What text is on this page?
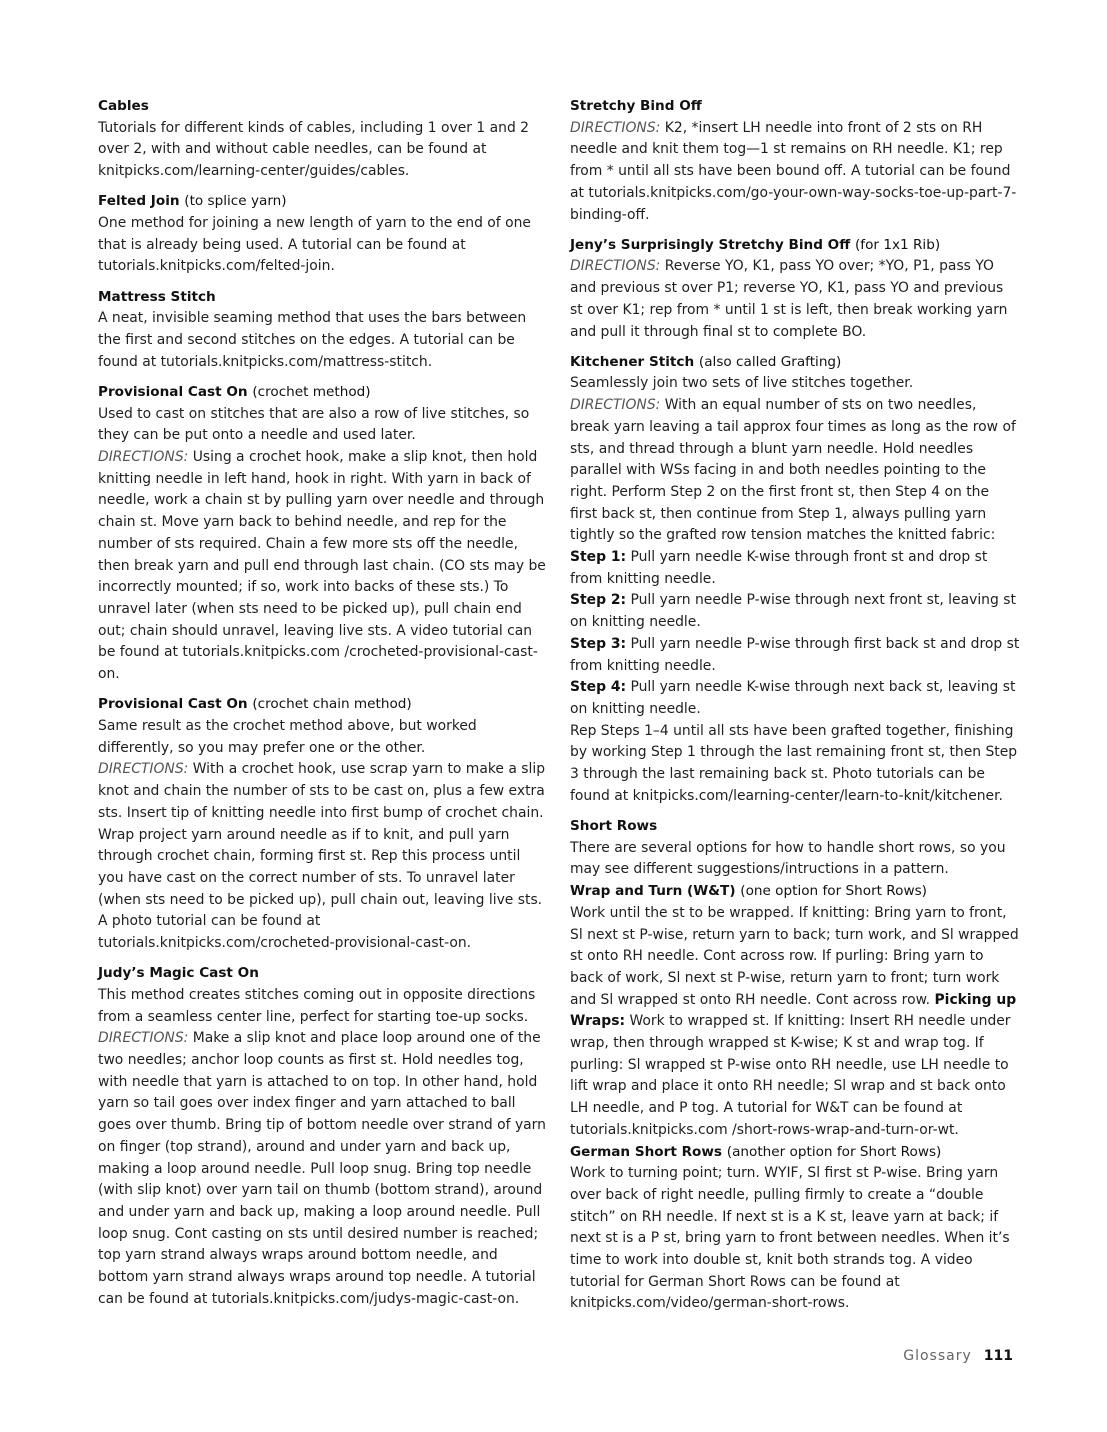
Cables

Tutorials for different kinds of cables, including 1 over 1 and 2 over 2, with and without cable needles, can be found at knitpicks.com/learning-center/guides/cables.

Felted Join (to splice yarn)

One method for joining a new length of yarn to the end of one that is already being used. A tutorial can be found at tutorials.knitpicks.com/felted-join.

Mattress Stitch

A neat, invisible seaming method that uses the bars between the first and second stitches on the edges. A tutorial can be found at tutorials.knitpicks.com/mattress-stitch.

Provisional Cast On (crochet method)

Used to cast on stitches that are also a row of live stitches, so they can be put onto a needle and used later.
DIRECTIONS: Using a crochet hook, make a slip knot, then hold knitting needle in left hand, hook in right. With yarn in back of needle, work a chain st by pulling yarn over needle and through chain st. Move yarn back to behind needle, and rep for the number of sts required. Chain a few more sts off the needle, then break yarn and pull end through last chain. (CO sts may be incorrectly mounted; if so, work into backs of these sts.) To unravel later (when sts need to be picked up), pull chain end out; chain should unravel, leaving live sts. A video tutorial can be found at tutorials.knitpicks.com /crocheted-provisional-cast-on.

Provisional Cast On (crochet chain method)

Same result as the crochet method above, but worked differently, so you may prefer one or the other.
DIRECTIONS: With a crochet hook, use scrap yarn to make a slip knot and chain the number of sts to be cast on, plus a few extra sts. Insert tip of knitting needle into first bump of crochet chain. Wrap project yarn around needle as if to knit, and pull yarn through crochet chain, forming first st. Rep this process until you have cast on the correct number of sts. To unravel later (when sts need to be picked up), pull chain out, leaving live sts. A photo tutorial can be found at tutorials.knitpicks.com/crocheted-provisional-cast-on.

Judy’s Magic Cast On

This method creates stitches coming out in opposite directions from a seamless center line, perfect for starting toe-up socks.
DIRECTIONS: Make a slip knot and place loop around one of the two needles; anchor loop counts as first st. Hold needles tog, with needle that yarn is attached to on top. In other hand, hold yarn so tail goes over index finger and yarn attached to ball goes over thumb. Bring tip of bottom needle over strand of yarn on finger (top strand), around and under yarn and back up, making a loop around needle. Pull loop snug. Bring top needle (with slip knot) over yarn tail on thumb (bottom strand), around and under yarn and back up, making a loop around needle. Pull loop snug. Cont casting on sts until desired number is reached; top yarn strand always wraps around bottom needle, and bottom yarn strand always wraps around top needle. A tutorial can be found at tutorials.knitpicks.com/judys-magic-cast-on.

Stretchy Bind Off

DIRECTIONS: K2, *insert LH needle into front of 2 sts on RH needle and knit them tog—1 st remains on RH needle. K1; rep from * until all sts have been bound off. A tutorial can be found at tutorials.knitpicks.com/go-your-own-way-socks-toe-up-part-7-binding-off.

Jeny’s Surprisingly Stretchy Bind Off (for 1x1 Rib)

DIRECTIONS: Reverse YO, K1, pass YO over; *YO, P1, pass YO and previous st over P1; reverse YO, K1, pass YO and previous st over K1; rep from * until 1 st is left, then break working yarn and pull it through final st to complete BO.

Kitchener Stitch (also called Grafting)

Seamlessly join two sets of live stitches together.
DIRECTIONS: With an equal number of sts on two needles, break yarn leaving a tail approx four times as long as the row of sts, and thread through a blunt yarn needle. Hold needles parallel with WSs facing in and both needles pointing to the right. Perform Step 2 on the first front st, then Step 4 on the first back st, then continue from Step 1, always pulling yarn tightly so the grafted row tension matches the knitted fabric:

Step 1: Pull yarn needle K-wise through front st and drop st from knitting needle.

Step 2: Pull yarn needle P-wise through next front st, leaving st on knitting needle.

Step 3: Pull yarn needle P-wise through first back st and drop st from knitting needle.

Step 4: Pull yarn needle K-wise through next back st, leaving st on knitting needle.

Rep Steps 1–4 until all sts have been grafted together, finishing by working Step 1 through the last remaining front st, then Step 3 through the last remaining back st. Photo tutorials can be found at knitpicks.com/learning-center/learn-to-knit/kitchener.

Short Rows

There are several options for how to handle short rows, so you may see different suggestions/intructions in a pattern.

Wrap and Turn (W&T) (one option for Short Rows)

Work until the st to be wrapped. If knitting: Bring yarn to front, Sl next st P-wise, return yarn to back; turn work, and Sl wrapped st onto RH needle. Cont across row. If purling: Bring yarn to back of work, Sl next st P-wise, return yarn to front; turn work and Sl wrapped st onto RH needle. Cont across row. Picking up Wraps: Work to wrapped st. If knitting: Insert RH needle under wrap, then through wrapped st K-wise; K st and wrap tog. If purling: Sl wrapped st P-wise onto RH needle, use LH needle to lift wrap and place it onto RH needle; Sl wrap and st back onto LH needle, and P tog. A tutorial for W&T can be found at tutorials.knitpicks.com /short-rows-wrap-and-turn-or-wt.

German Short Rows (another option for Short Rows)

Work to turning point; turn. WYIF, Sl first st P-wise. Bring yarn over back of right needle, pulling firmly to create a “double stitch” on RH needle. If next st is a K st, leave yarn at back; if next st is a P st, bring yarn to front between needles. When it’s time to work into double st, knit both strands tog. A video tutorial for German Short Rows can be found at knitpicks.com/video/german-short-rows.

Glossary 111
